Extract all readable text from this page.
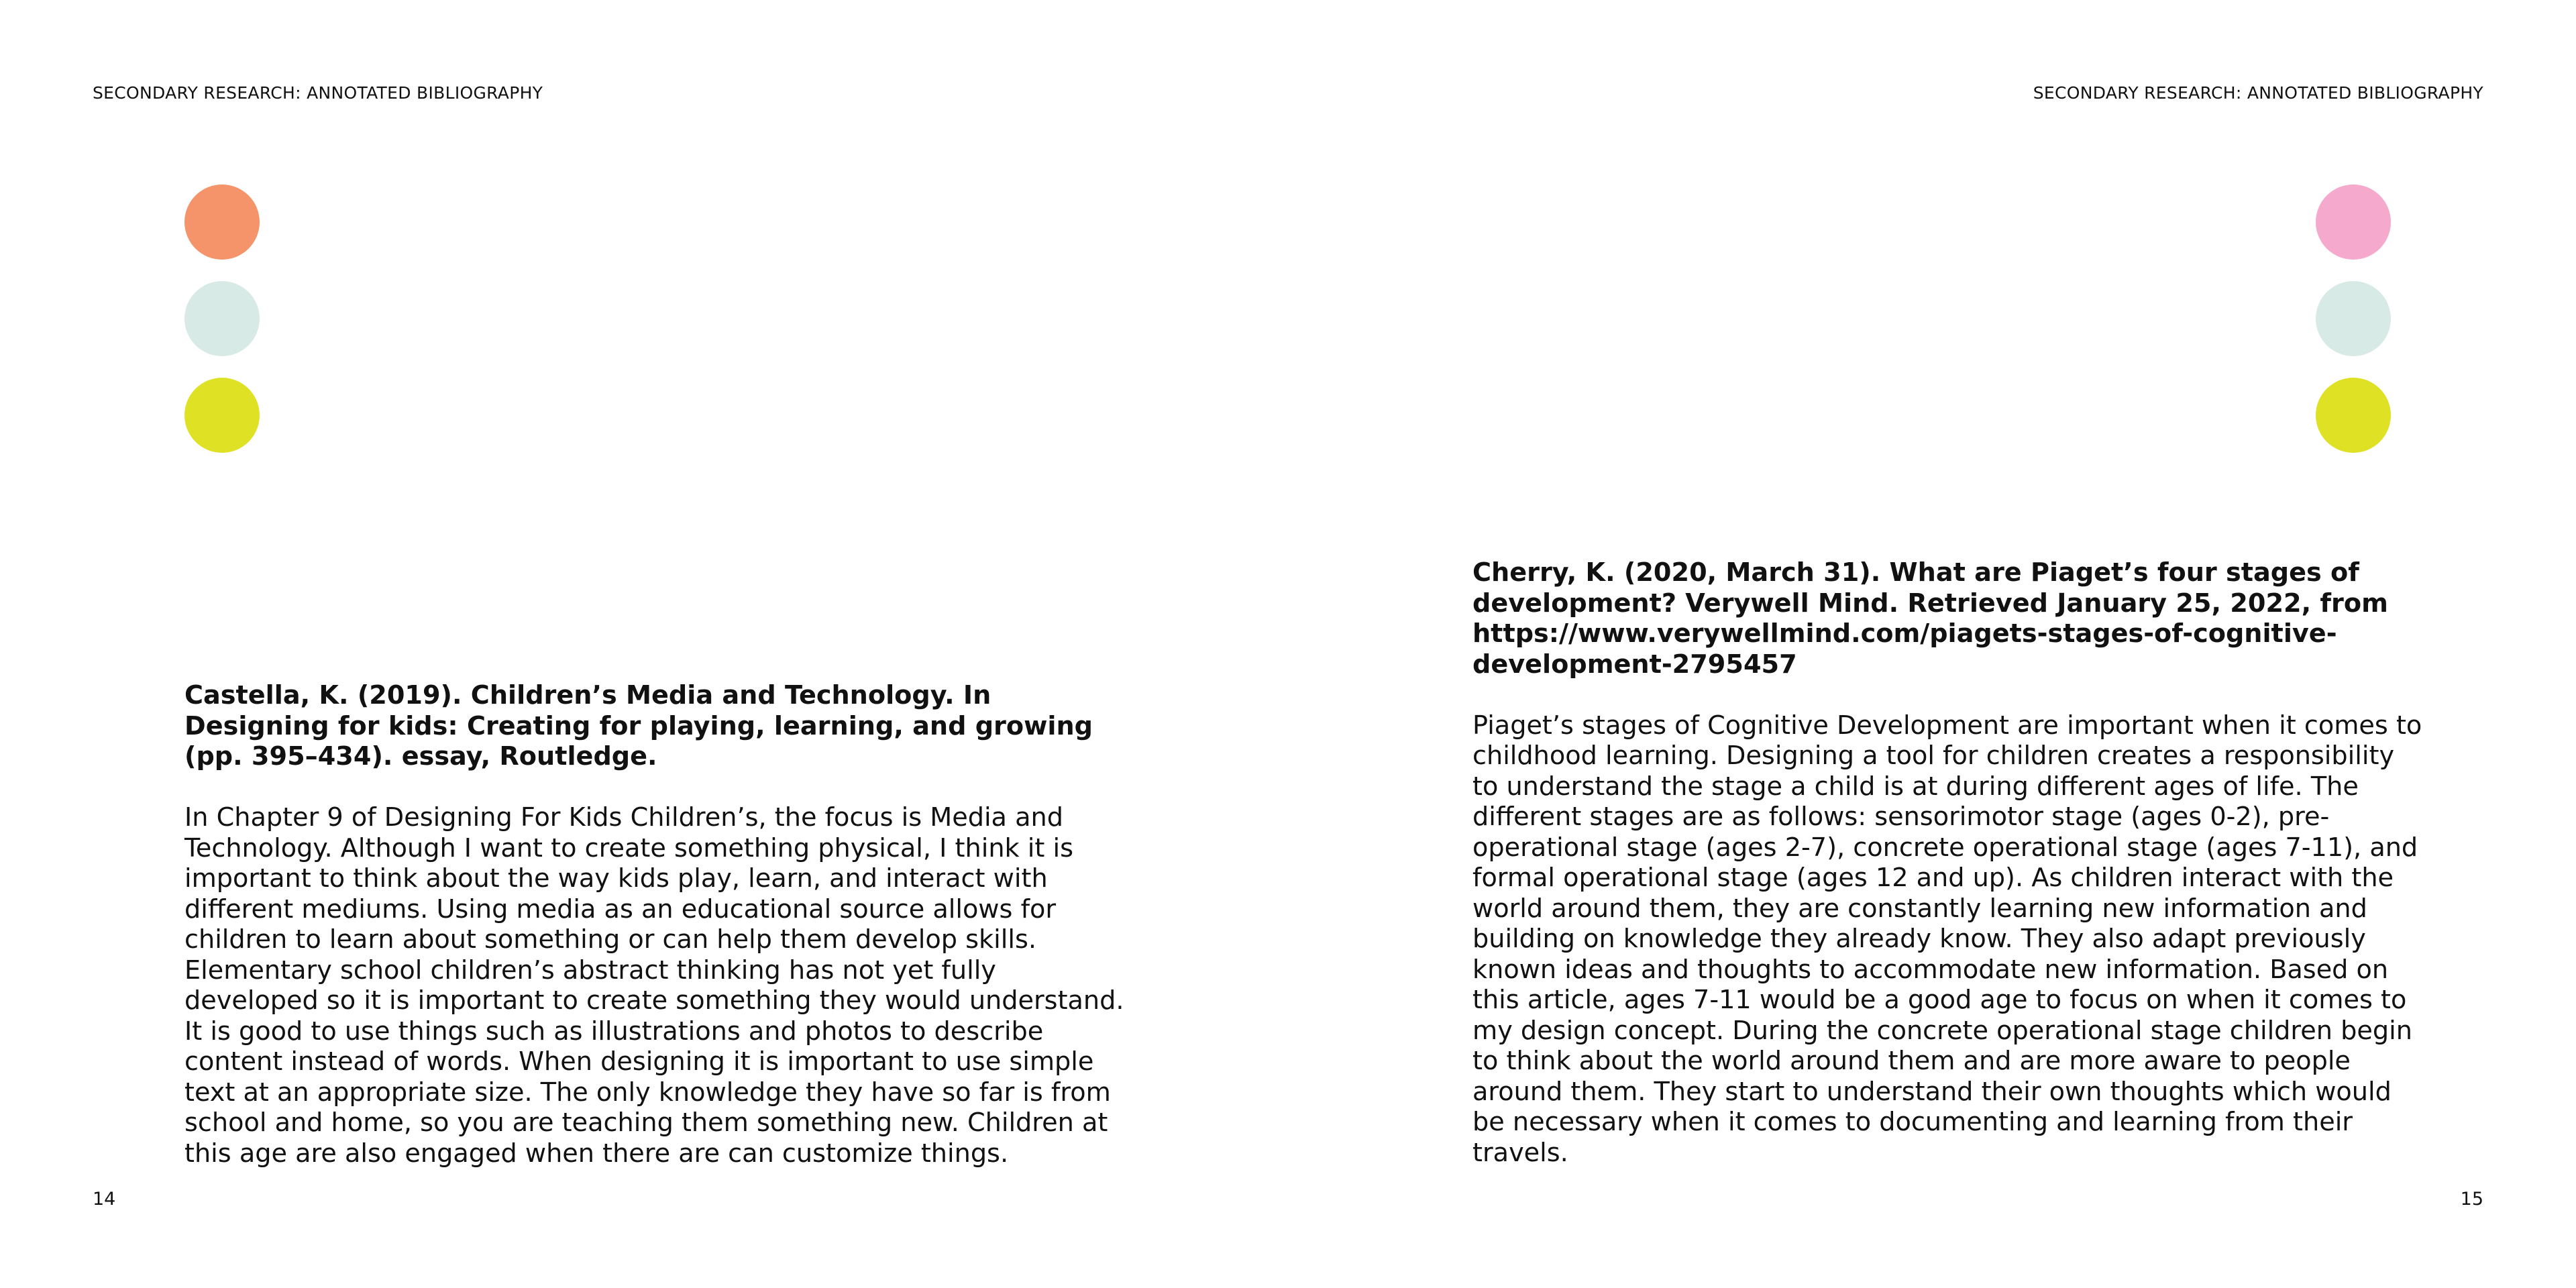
SECONDARY RESEARCH: ANNOTATED BIBLIOGRAPHY

Castella, K. (2019). Children’s Media and Technology. In Designing for kids: Creating for playing, learning, and growing (pp. 395–434). essay, Routledge.

In Chapter 9 of Designing For Kids Children’s, the focus is Media and Technology. Although I want to create something physical, I think it is important to think about the way kids play, learn, and interact with different mediums. Using media as an educational source allows for children to learn about something or can help them develop skills. Elementary school children’s abstract thinking has not yet fully developed so it is important to create something they would understand. It is good to use things such as illustrations and photos to describe content instead of words. When designing it is important to use simple text at an appropriate size. The only knowledge they have so far is from school and home, so you are teaching them something new. Children at this age are also engaged when there are can customize things.

14
SECONDARY RESEARCH: ANNOTATED BIBLIOGRAPHY

Cherry, K. (2020, March 31). What are Piaget’s four stages of development? Verywell Mind. Retrieved January 25, 2022, from https://www.verywellmind.com/piagets-stages-of-cognitive-development-2795457

Piaget’s stages of Cognitive Development are important when it comes to childhood learning. Designing a tool for children creates a responsibility to understand the stage a child is at during different ages of life. The different stages are as follows: sensorimotor stage (ages 0-2), pre-operational stage (ages 2-7), concrete operational stage (ages 7-11), and formal operational stage (ages 12 and up). As children interact with the world around them, they are constantly learning new information and building on knowledge they already know. They also adapt previously known ideas and thoughts to accommodate new information. Based on this article, ages 7-11 would be a good age to focus on when it comes to my design concept. During the concrete operational stage children begin to think about the world around them and are more aware to people around them. They start to understand their own thoughts which would be necessary when it comes to documenting and learning from their travels.

15
